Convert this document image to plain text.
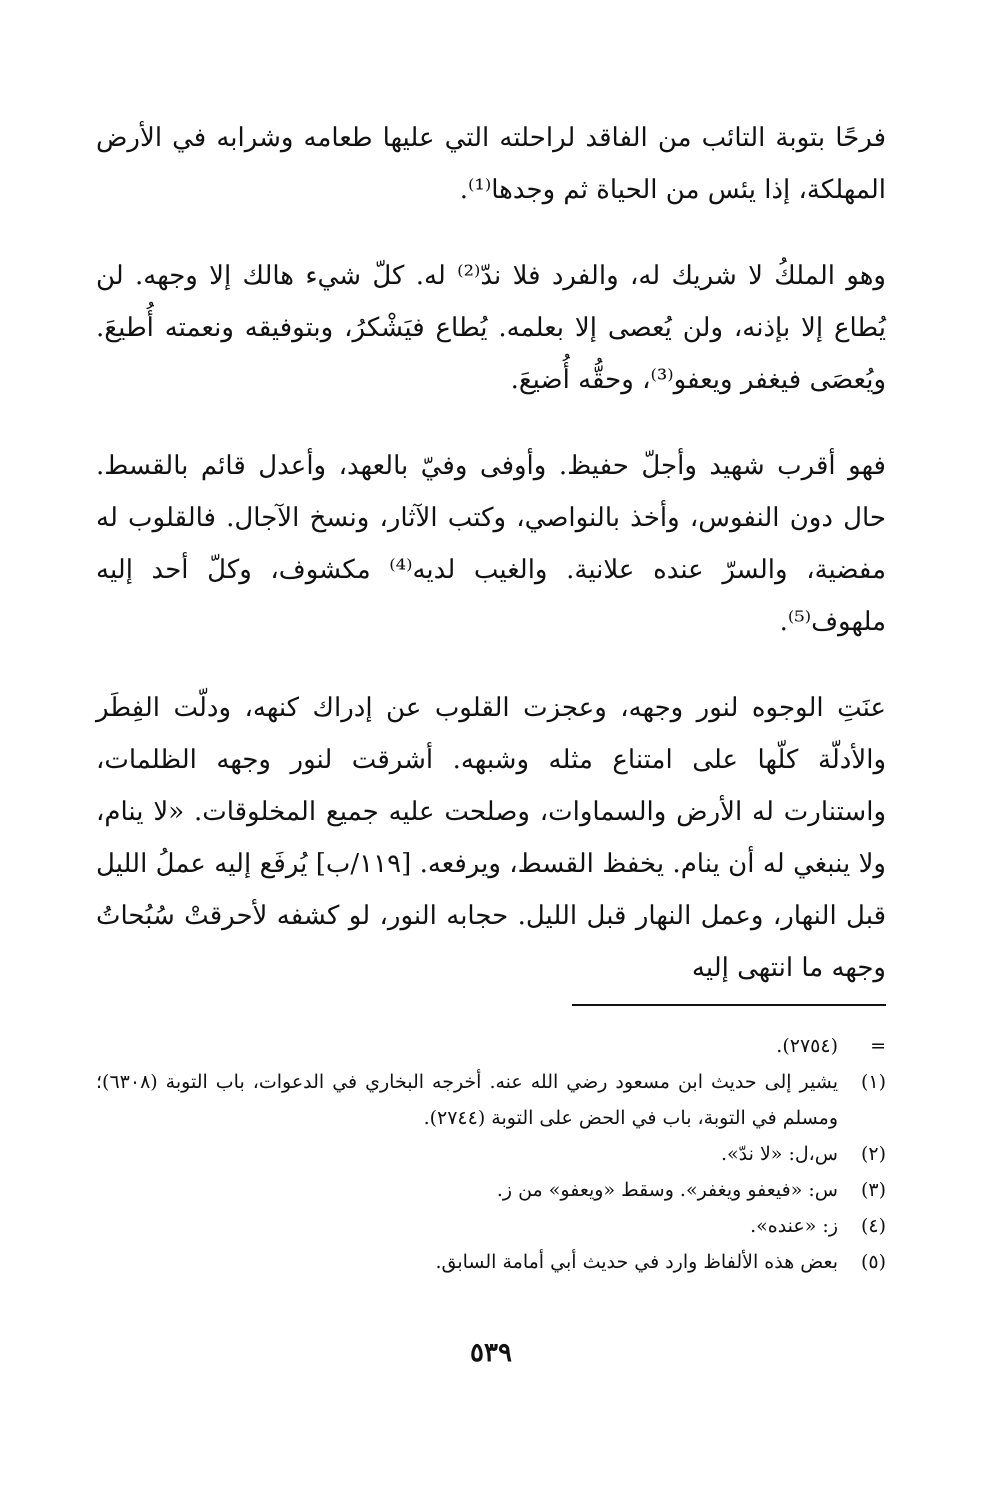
فرحًا بتوبة التائب من الفاقد لراحلته التي عليها طعامه وشرابه في الأرض المهلكة، إذا يئس من الحياة ثم وجدها⁽¹⁾.

وهو الملكُ لا شريك له، والفرد فلا ندّ⁽²⁾ له. كلّ شيء هالك إلا وجهه. لن يُطاع إلا بإذنه، ولن يُعصى إلا بعلمه. يُطاع فيَشْكرُ، وبتوفيقه ونعمته أُطيعَ. ويُعصَى فيغفر ويعفو⁽³⁾، وحقُّه أُضيعَ.

فهو أقرب شهيد وأجلّ حفيظ. وأوفى وفيّ بالعهد، وأعدل قائم بالقسط. حال دون النفوس، وأخذ بالنواصي، وكتب الآثار، ونسخ الآجال. فالقلوب له مفضية، والسرّ عنده علانية. والغيب لديه⁽⁴⁾ مكشوف، وكلّ أحد إليه ملهوف⁽⁵⁾.

عنَتِ الوجوه لنور وجهه، وعجزت القلوب عن إدراك كنهه، ودلّت الفِطَر والأدلّة كلّها على امتناع مثله وشبهه. أشرقت لنور وجهه الظلمات، واستنارت له الأرض والسماوات، وصلحت عليه جميع المخلوقات. «لا ينام، ولا ينبغي له أن ينام. يخفظ القسط، ويرفعه. [١١٩/ب] يُرفَع إليه عملُ الليل قبل النهار، وعمل النهار قبل الليل. حجابه النور، لو كشفه لأحرقتْ سُبُحاتُ وجهه ما انتهى إليه

=
(٢٧٥٤).
(١)
يشير إلى حديث ابن مسعود رضي الله عنه. أخرجه البخاري في الدعوات، باب التوبة (٦٣٠٨)؛ ومسلم في التوبة، باب في الحض على التوبة (٢٧٤٤).
(٢)
س،ل: «لا ندّ».
(٣)
س: «فيعفو ويغفر». وسقط «ويعفو» من ز.
(٤)
ز: «عنده».
(٥)
بعض هذه الألفاظ وارد في حديث أبي أمامة السابق.
٥٣٩
